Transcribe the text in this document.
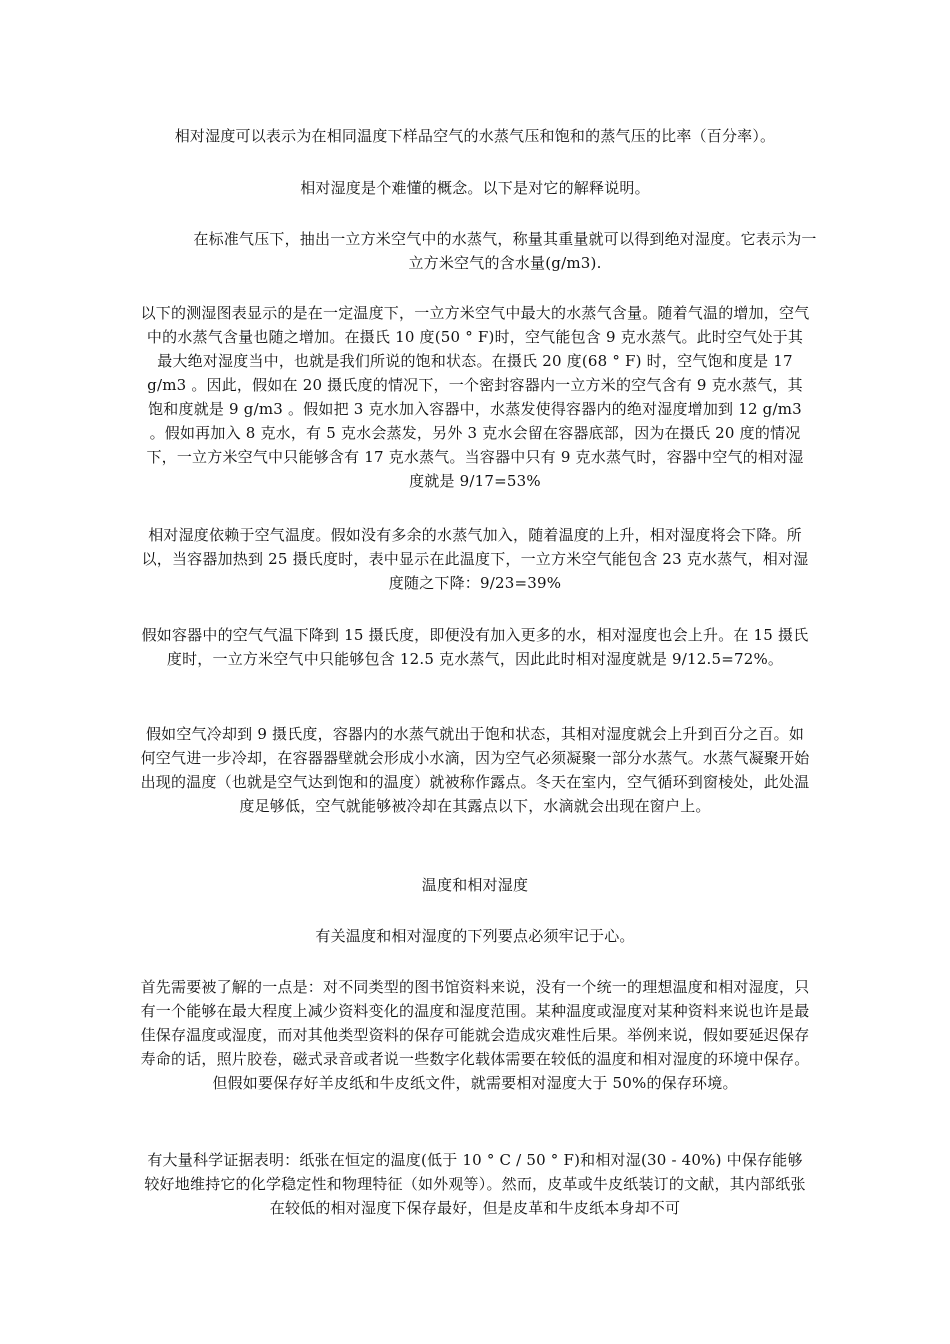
相对湿度可以表示为在相同温度下样品空气的水蒸气压和饱和的蒸气压的比率（百分率）。
相对湿度是个难懂的概念。以下是对它的解释说明。
在标准气压下，抽出一立方米空气中的水蒸气，称量其重量就可以得到绝对湿度。它表示为一立方米空气的含水量(g/m3).
以下的测湿图表显示的是在一定温度下，一立方米空气中最大的水蒸气含量。随着气温的增加，空气中的水蒸气含量也随之增加。在摄氏 10 度(50 ° F)时，空气能包含 9 克水蒸气。此时空气处于其最大绝对湿度当中，也就是我们所说的饱和状态。在摄氏 20 度(68 ° F) 时，空气饱和度是 17 g/m3 。因此，假如在 20 摄氏度的情况下，一个密封容器内一立方米的空气含有 9 克水蒸气，其饱和度就是 9 g/m3 。假如把 3 克水加入容器中，水蒸发使得容器内的绝对湿度增加到 12 g/m3 。假如再加入 8 克水，有 5 克水会蒸发，另外 3 克水会留在容器底部，因为在摄氏 20 度的情况下，一立方米空气中只能够含有 17 克水蒸气。当容器中只有 9 克水蒸气时，容器中空气的相对湿度就是 9/17=53%
相对湿度依赖于空气温度。假如没有多余的水蒸气加入，随着温度的上升，相对湿度将会下降。所以，当容器加热到 25 摄氏度时，表中显示在此温度下，一立方米空气能包含 23 克水蒸气，相对湿度随之下降：9/23=39%
假如容器中的空气气温下降到 15 摄氏度，即便没有加入更多的水，相对湿度也会上升。在 15 摄氏度时，一立方米空气中只能够包含 12.5 克水蒸气，因此此时相对湿度就是 9/12.5=72%。
假如空气冷却到 9 摄氏度，容器内的水蒸气就出于饱和状态，其相对湿度就会上升到百分之百。如何空气进一步冷却，在容器器壁就会形成小水滴，因为空气必须凝聚一部分水蒸气。水蒸气凝聚开始出现的温度（也就是空气达到饱和的温度）就被称作露点。冬天在室内，空气循环到窗棱处，此处温度足够低，空气就能够被冷却在其露点以下，水滴就会出现在窗户上。
温度和相对湿度
有关温度和相对湿度的下列要点必须牢记于心。
首先需要被了解的一点是：对不同类型的图书馆资料来说，没有一个统一的理想温度和相对湿度，只有一个能够在最大程度上减少资料变化的温度和湿度范围。某种温度或湿度对某种资料来说也许是最佳保存温度或湿度，而对其他类型资料的保存可能就会造成灾难性后果。举例来说，假如要延迟保存寿命的话，照片胶卷，磁式录音或者说一些数字化载体需要在较低的温度和相对湿度的环境中保存。但假如要保存好羊皮纸和牛皮纸文件，就需要相对湿度大于 50%的保存环境。
有大量科学证据表明：纸张在恒定的温度(低于 10 ° C / 50 ° F)和相对湿(30 - 40%) 中保存能够较好地维持它的化学稳定性和物理特征（如外观等）。然而，皮革或牛皮纸装订的文献，其内部纸张在较低的相对湿度下保存最好，但是皮革和牛皮纸本身却不可
